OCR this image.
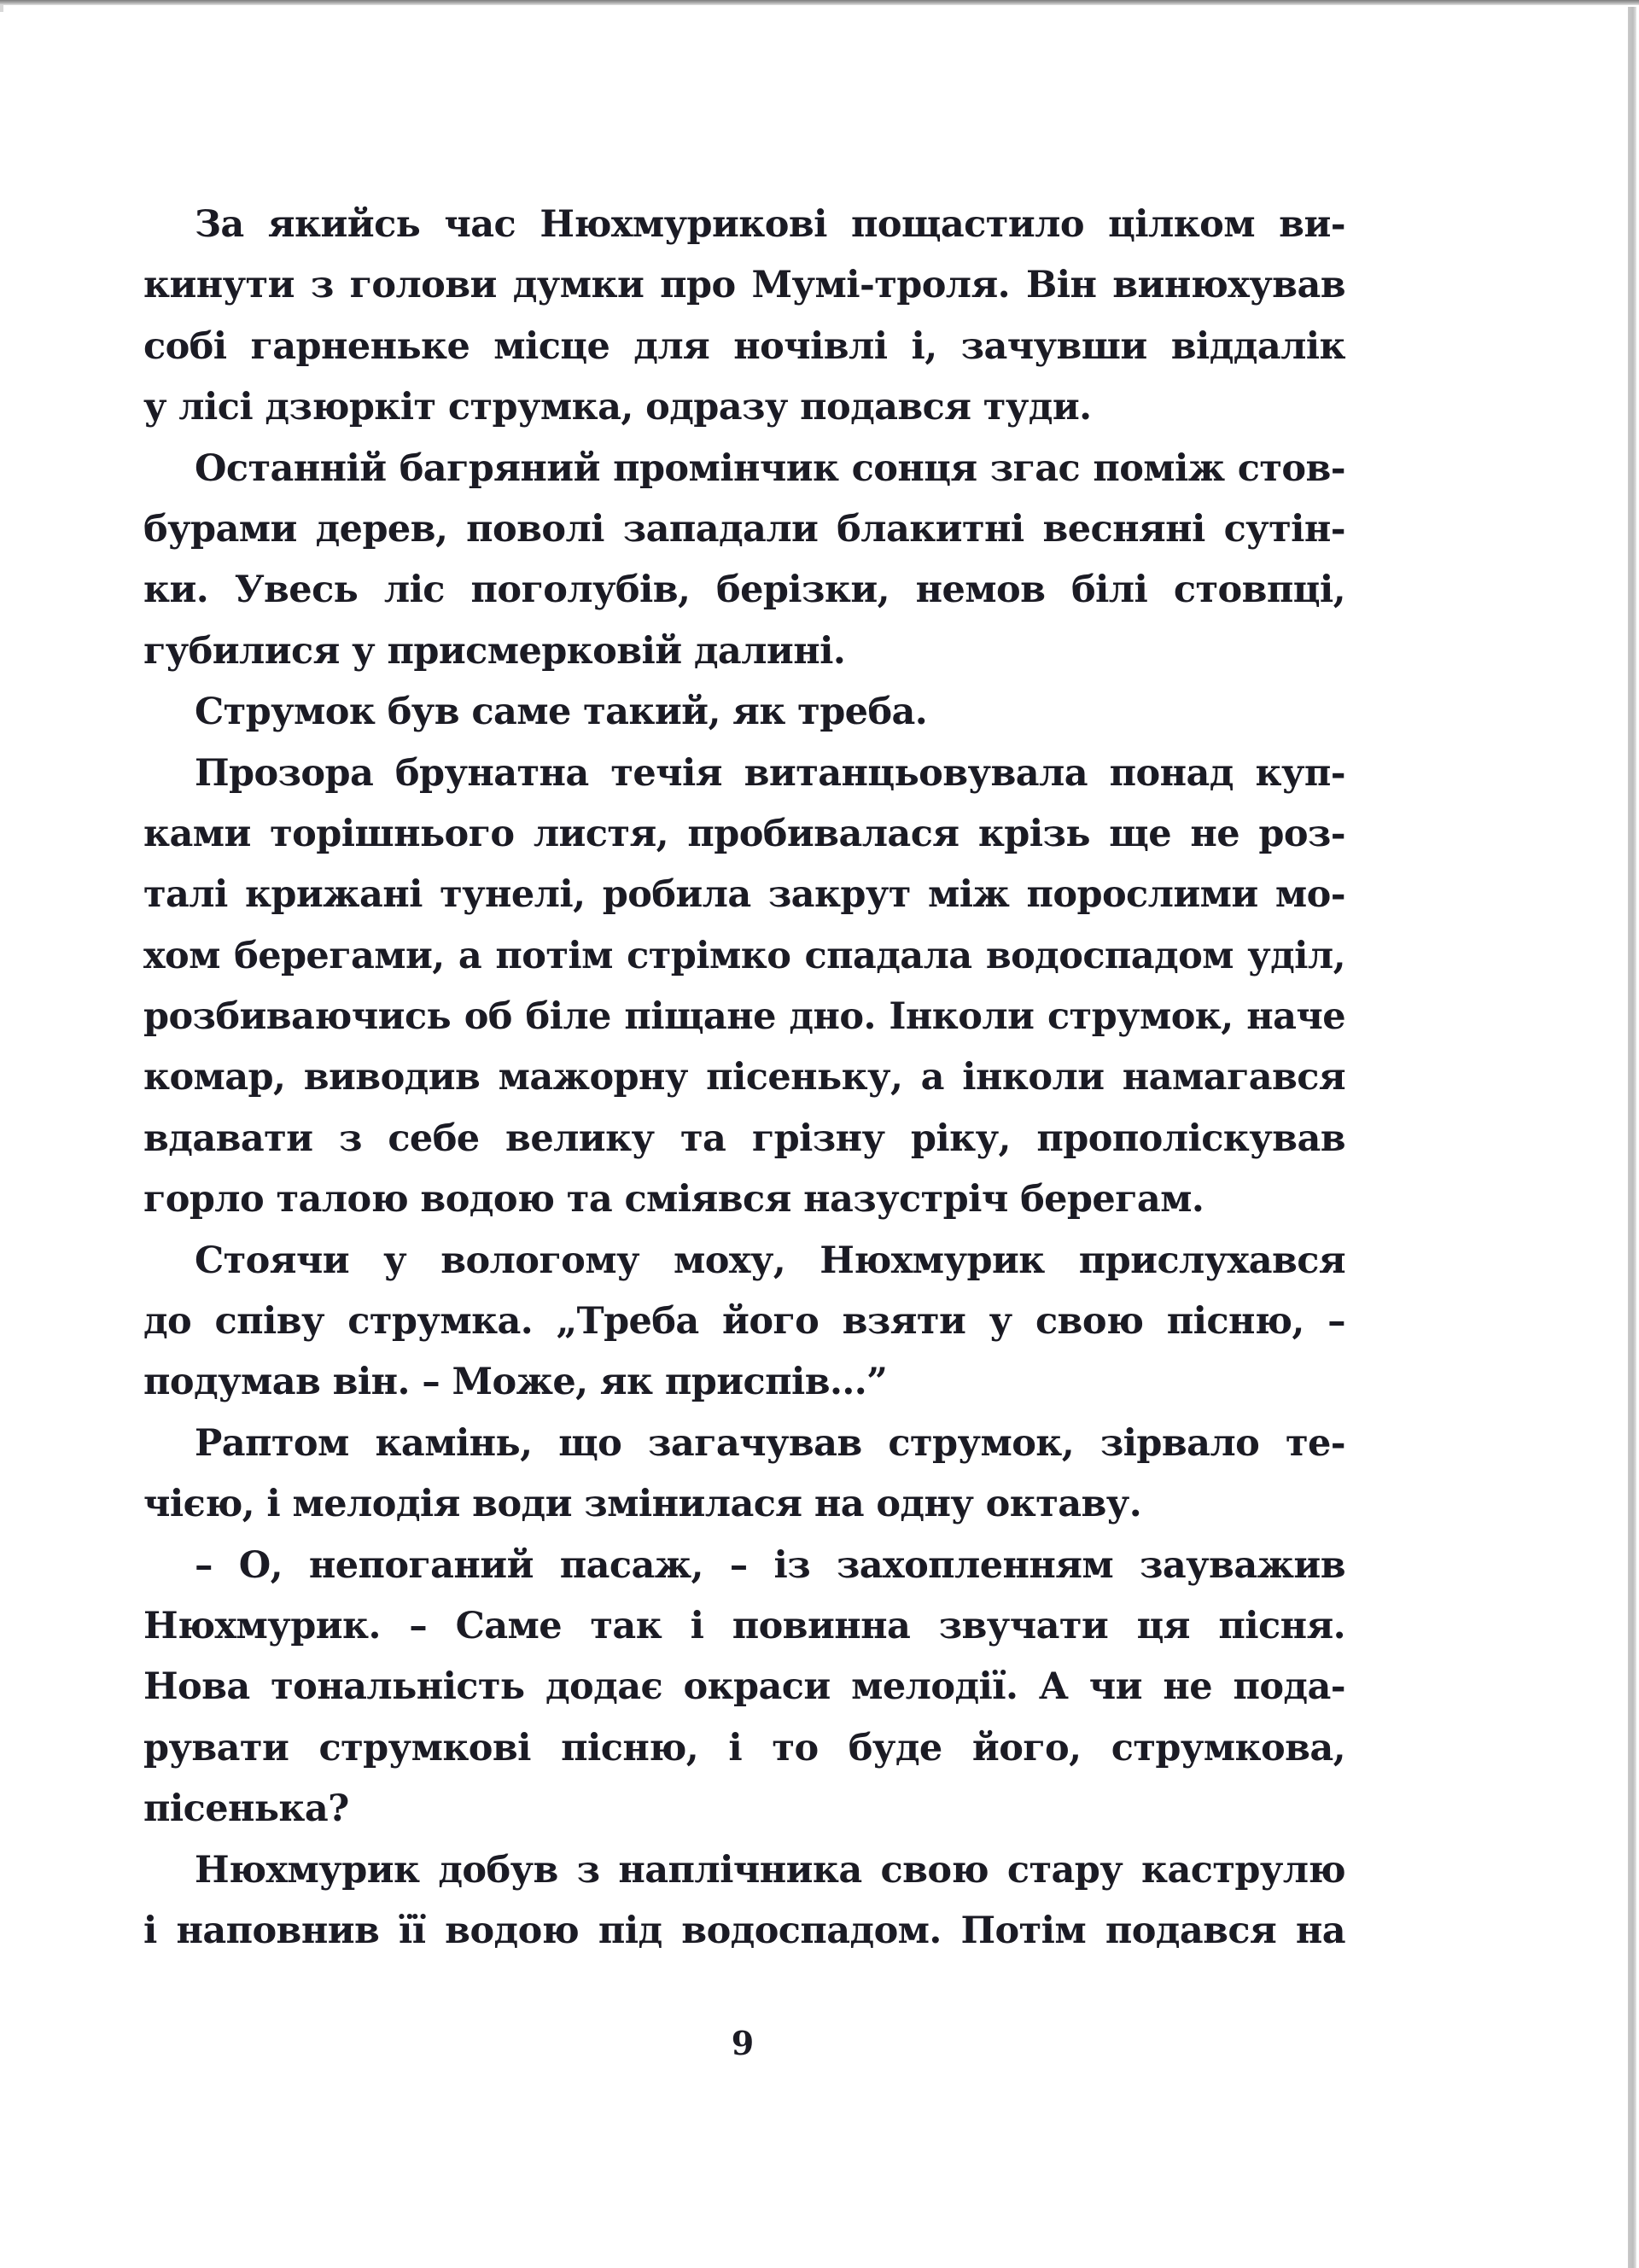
За якийсь час Нюхмурикові пощастило цілком ви-
кинути з голови думки про Мумі-троля. Він винюхував
собі гарненьке місце для ночівлі і, зачувши віддалік
у лісі дзюркіт струмка, одразу подався туди.
Останній багряний промінчик сонця згас поміж стов-
бурами дерев, поволі западали блакитні весняні сутін-
ки. Увесь ліс поголубів, берізки, немов білі стовпці,
губилися у присмерковій далині.
Струмок був саме такий, як треба.
Прозора брунатна течія витанцьовувала понад куп-
ками торішнього листя, пробивалася крізь ще не роз-
талі крижані тунелі, робила закрут між порослими мо-
хом берегами, а потім стрімко спадала водоспадом уділ,
розбиваючись об біле піщане дно. Інколи струмок, наче
комар, виводив мажорну пісеньку, а інколи намагався
вдавати з себе велику та грізну ріку, прополіскував
горло талою водою та сміявся назустріч берегам.
Стоячи у вологому моху, Нюхмурик прислухався
до співу струмка. „Треба його взяти у свою пісню, –
подумав він. – Може, як приспів...”
Раптом камінь, що загачував струмок, зірвало те-
чією, і мелодія води змінилася на одну октаву.
– О, непоганий пасаж, – із захопленням зауважив
Нюхмурик. – Саме так і повинна звучати ця пісня.
Нова тональність додає окраси мелодії. А чи не пода-
рувати струмкові пісню, і то буде його, струмкова,
пісенька?
Нюхмурик добув з наплічника свою стару каструлю
і наповнив її водою під водоспадом. Потім подався на
9
